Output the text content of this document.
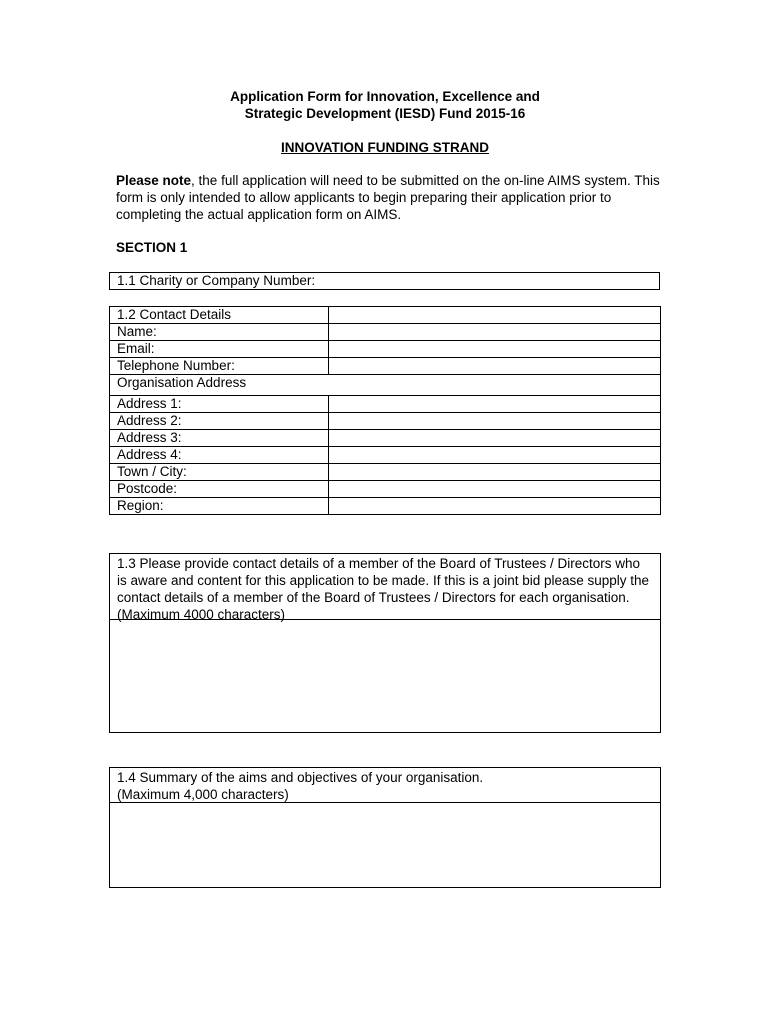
Application Form for Innovation, Excellence and
Strategic Development (IESD) Fund 2015-16
INNOVATION FUNDING STRAND
Please note, the full application will need to be submitted on the on-line AIMS system. This form is only intended to allow applicants to begin preparing their application prior to completing the actual application form on AIMS.
SECTION 1
1.1 Charity or Company Number:
1.2 Contact Details	
Name:	
Email:	
Telephone Number:	
Organisation Address	
Address 1:	
Address 2:	
Address 3:	
Address 4:	
Town / City:	
Postcode:	
Region:	
1.3 Please provide contact details of a member of the Board of Trustees / Directors who is aware and content for this application to be made. If this is a joint bid please supply the contact details of a member of the Board of Trustees / Directors for each organisation. (Maximum 4000 characters)
1.4 Summary of the aims and objectives of your organisation.
(Maximum 4,000 characters)
